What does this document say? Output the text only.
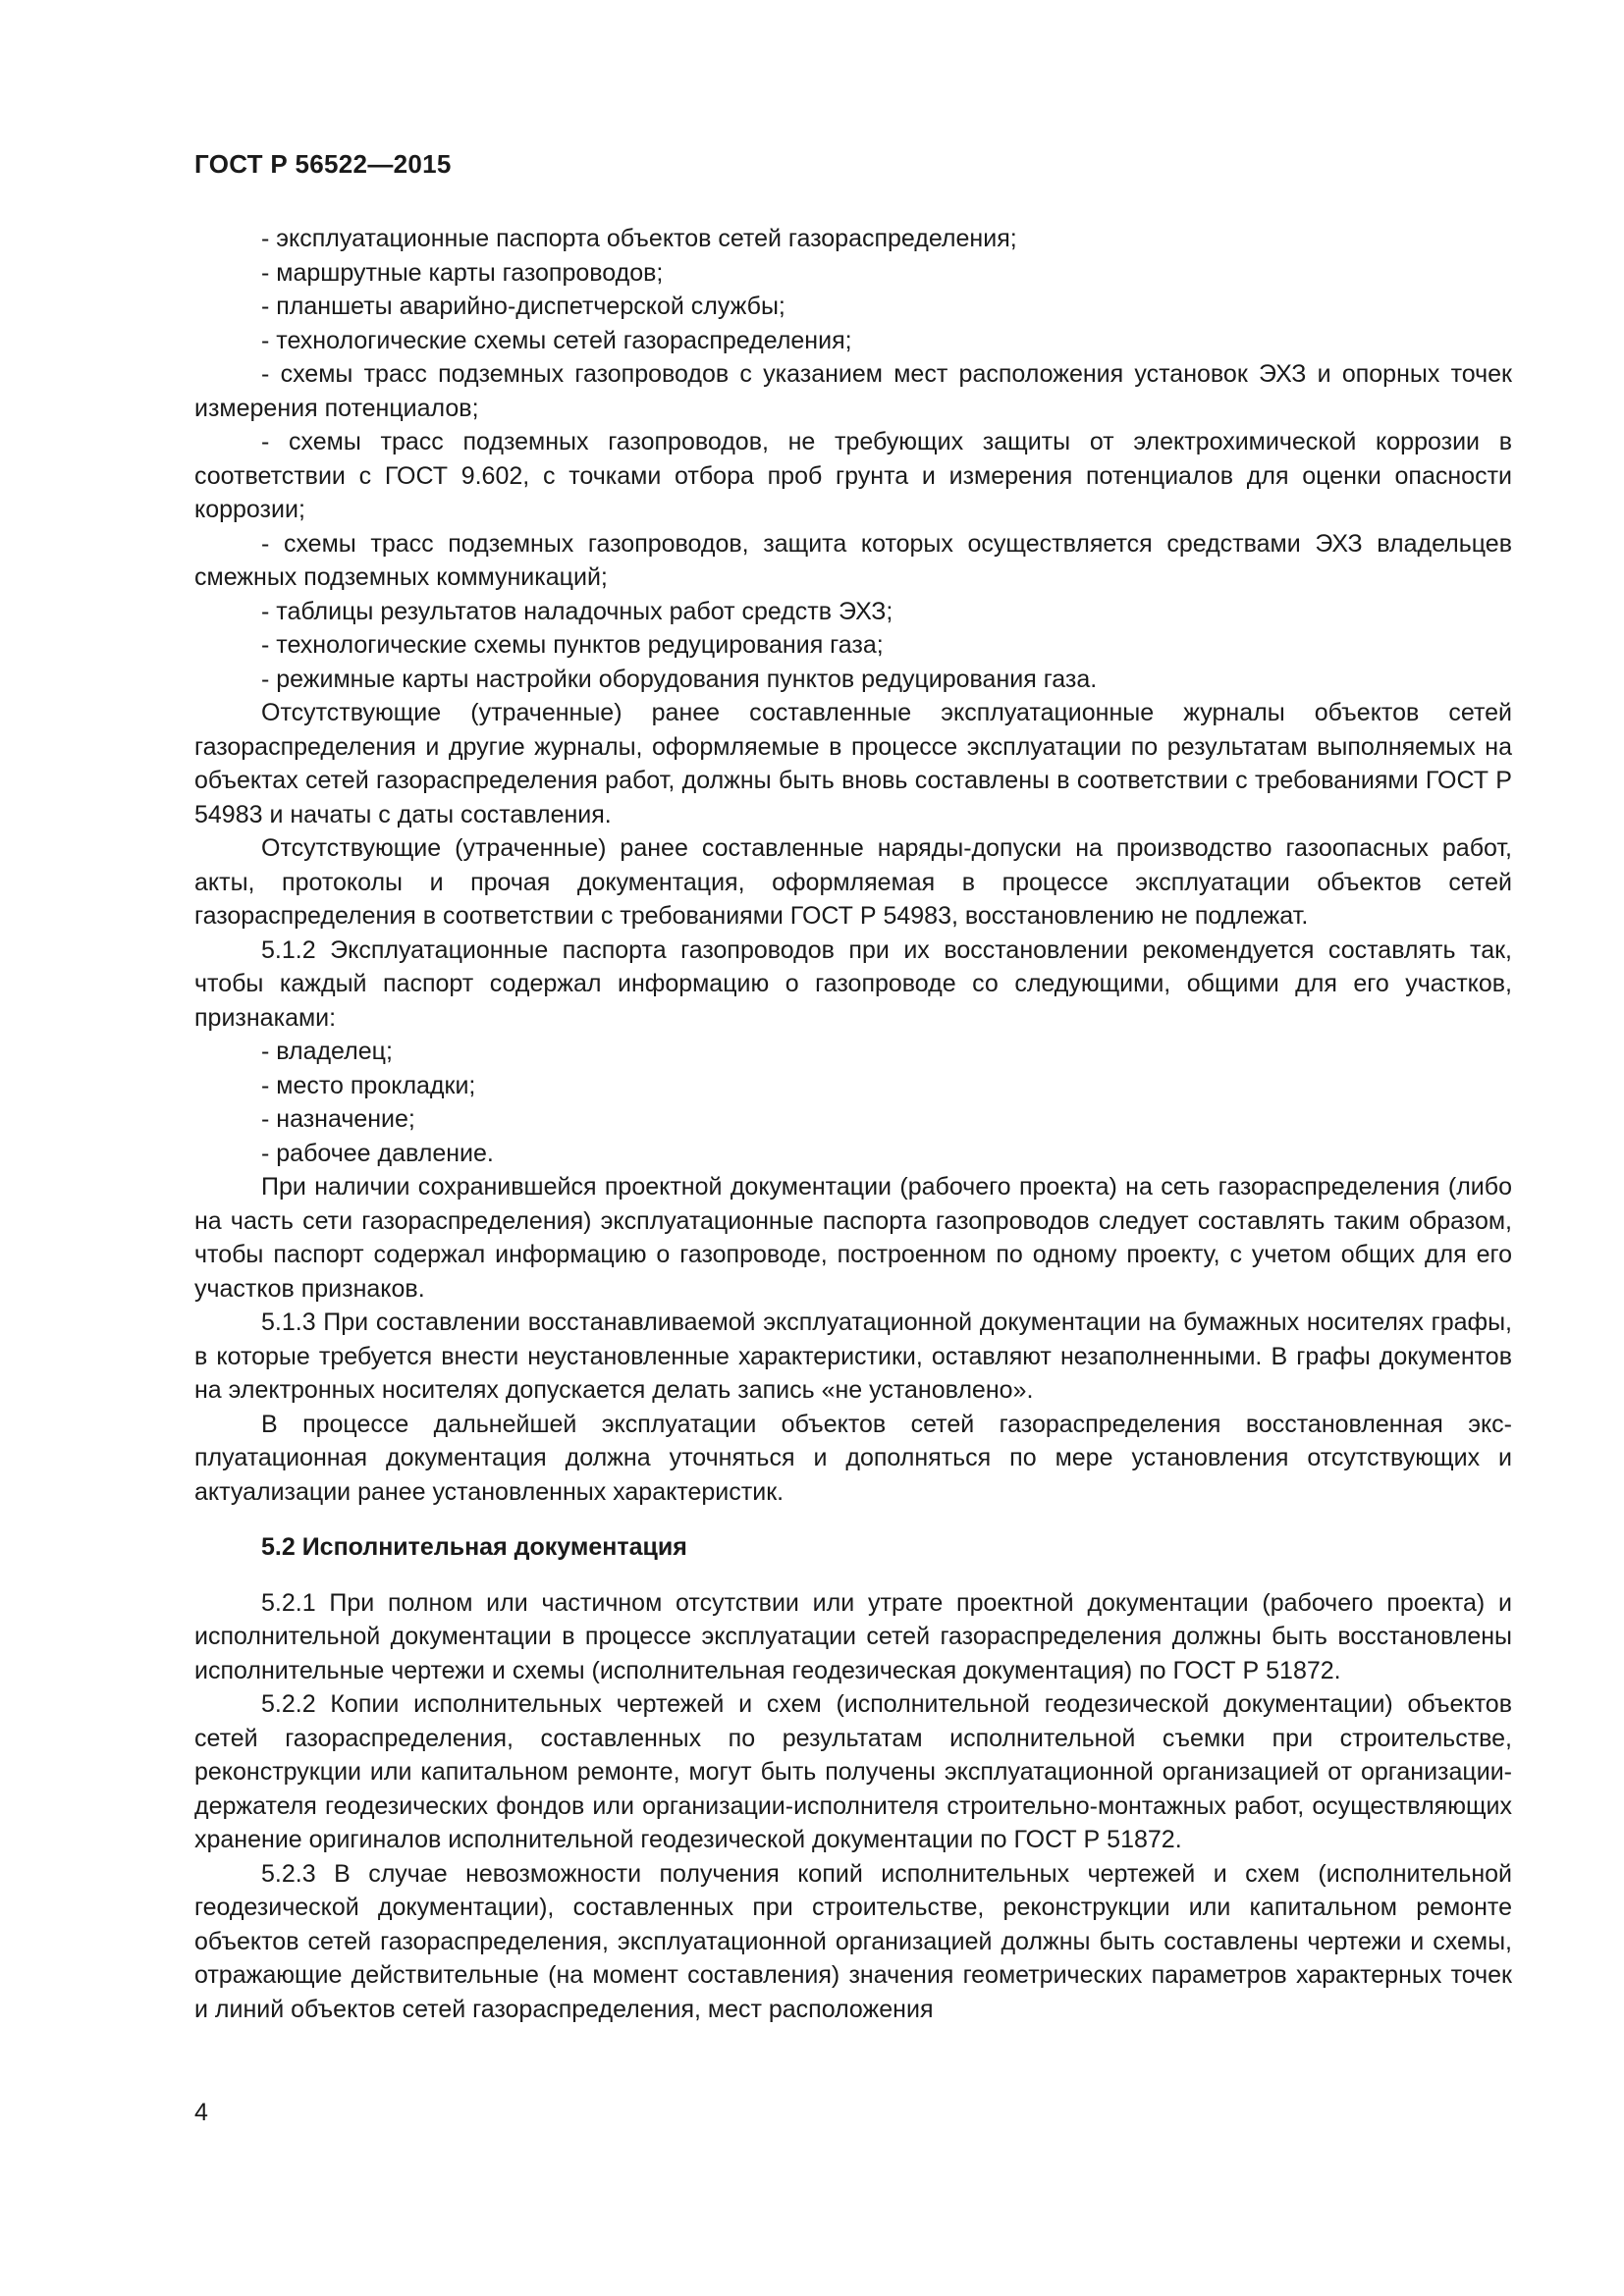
ГОСТ Р 56522—2015

- эксплуатационные паспорта объектов сетей газораспределения;

- маршрутные карты газопроводов;

- планшеты аварийно-диспетчерской службы;

- технологические схемы сетей газораспределения;

- схемы трасс подземных газопроводов с указанием мест расположения установок ЭХЗ и опорных точек измерения потенциалов;

- схемы трасс подземных газопроводов, не требующих защиты от электрохимической коррозии в соответствии с ГОСТ 9.602, с точками отбора проб грунта и измерения потенциалов для оценки опасности коррозии;

- схемы трасс подземных газопроводов, защита которых осуществляется средствами ЭХЗ владельцев смежных подземных коммуникаций;

- таблицы результатов наладочных работ средств ЭХЗ;

- технологические схемы пунктов редуцирования газа;

- режимные карты настройки оборудования пунктов редуцирования газа.

Отсутствующие (утраченные) ранее составленные эксплуатационные журналы объектов сетей газораспределения и другие журналы, оформляемые в процессе эксплуатации по результатам выполняемых на объектах сетей газораспределения работ, должны быть вновь составлены в соответствии с требованиями ГОСТ Р 54983 и начаты с даты составления.

Отсутствующие (утраченные) ранее составленные наряды-допуски на производство газоопасных работ, акты, протоколы и прочая документация, оформляемая в процессе эксплуатации объектов сетей газораспределения в соответствии с требованиями ГОСТ Р 54983, восстановлению не подлежат.

5.1.2 Эксплуатационные паспорта газопроводов при их восстановлении рекомендуется составлять так, чтобы каждый паспорт содержал информацию о газопроводе со следующими, общими для его участков, признаками:

- владелец;

- место прокладки;

- назначение;

- рабочее давление.

При наличии сохранившейся проектной документации (рабочего проекта) на сеть газораспределения (либо на часть сети газораспределения) эксплуатационные паспорта газопроводов следует составлять таким образом, чтобы паспорт содержал информацию о газопроводе, построенном по одному проекту, с учетом общих для его участков признаков.

5.1.3 При составлении восстанавливаемой эксплуатационной документации на бумажных носителях графы, в которые требуется внести неустановленные характеристики, оставляют незаполненными. В графы документов на электронных носителях допускается делать запись «не установлено».

В процессе дальнейшей эксплуатации объектов сетей газораспределения восстановленная эксплуатационная документация должна уточняться и дополняться по мере установления отсутствующих и актуализации ранее установленных характеристик.

5.2 Исполнительная документация

5.2.1 При полном или частичном отсутствии или утрате проектной документации (рабочего проекта) и исполнительной документации в процессе эксплуатации сетей газораспределения должны быть восстановлены исполнительные чертежи и схемы (исполнительная геодезическая документация) по ГОСТ Р 51872.

5.2.2 Копии исполнительных чертежей и схем (исполнительной геодезической документации) объектов сетей газораспределения, составленных по результатам исполнительной съемки при строительстве, реконструкции или капитальном ремонте, могут быть получены эксплуатационной организацией от организации-держателя геодезических фондов или организации-исполнителя строительно-монтажных работ, осуществляющих хранение оригиналов исполнительной геодезической документации по ГОСТ Р 51872.

5.2.3 В случае невозможности получения копий исполнительных чертежей и схем (исполнительной геодезической документации), составленных при строительстве, реконструкции или капитальном ремонте объектов сетей газораспределения, эксплуатационной организацией должны быть составлены чертежи и схемы, отражающие действительные (на момент составления) значения геометрических параметров характерных точек и линий объектов сетей газораспределения, мест расположения

4
